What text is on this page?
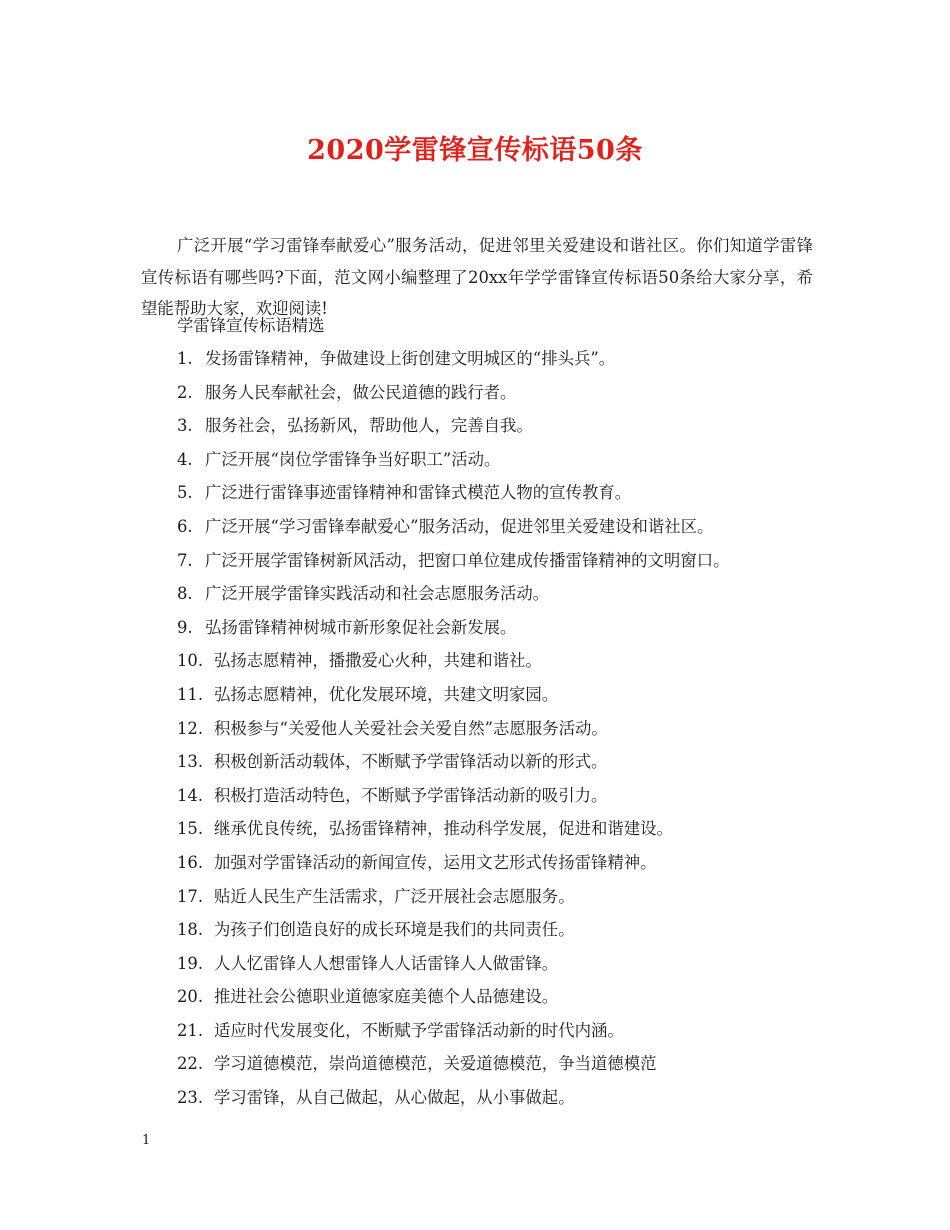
2020学雷锋宣传标语50条

广泛开展“学习雷锋奉献爱心”服务活动，促进邻里关爱建设和谐社区。你们知道学雷锋宣传标语有哪些吗?下面，范文网小编整理了20xx年学学雷锋宣传标语50条给大家分享，希望能帮助大家，欢迎阅读!

学雷锋宣传标语精选

1. 发扬雷锋精神，争做建设上街创建文明城区的“排头兵”。
2. 服务人民奉献社会，做公民道德的践行者。
3. 服务社会，弘扬新风，帮助他人，完善自我。
4. 广泛开展“岗位学雷锋争当好职工”活动。
5. 广泛进行雷锋事迹雷锋精神和雷锋式模范人物的宣传教育。
6. 广泛开展“学习雷锋奉献爱心”服务活动，促进邻里关爱建设和谐社区。
7. 广泛开展学雷锋树新风活动，把窗口单位建成传播雷锋精神的文明窗口。
8. 广泛开展学雷锋实践活动和社会志愿服务活动。
9. 弘扬雷锋精神树城市新形象促社会新发展。
10. 弘扬志愿精神，播撒爱心火种，共建和谐社。
11. 弘扬志愿精神，优化发展环境，共建文明家园。
12. 积极参与“关爱他人关爱社会关爱自然”志愿服务活动。
13. 积极创新活动载体，不断赋予学雷锋活动以新的形式。
14. 积极打造活动特色，不断赋予学雷锋活动新的吸引力。
15. 继承优良传统，弘扬雷锋精神，推动科学发展，促进和谐建设。
16. 加强对学雷锋活动的新闻宣传，运用文艺形式传扬雷锋精神。
17. 贴近人民生产生活需求，广泛开展社会志愿服务。
18. 为孩子们创造良好的成长环境是我们的共同责任。
19. 人人忆雷锋人人想雷锋人人话雷锋人人做雷锋。
20. 推进社会公德职业道德家庭美德个人品德建设。
21. 适应时代发展变化，不断赋予学雷锋活动新的时代内涵。
22. 学习道德模范，崇尚道德模范，关爱道德模范，争当道德模范
23. 学习雷锋，从自己做起，从心做起，从小事做起。

1
